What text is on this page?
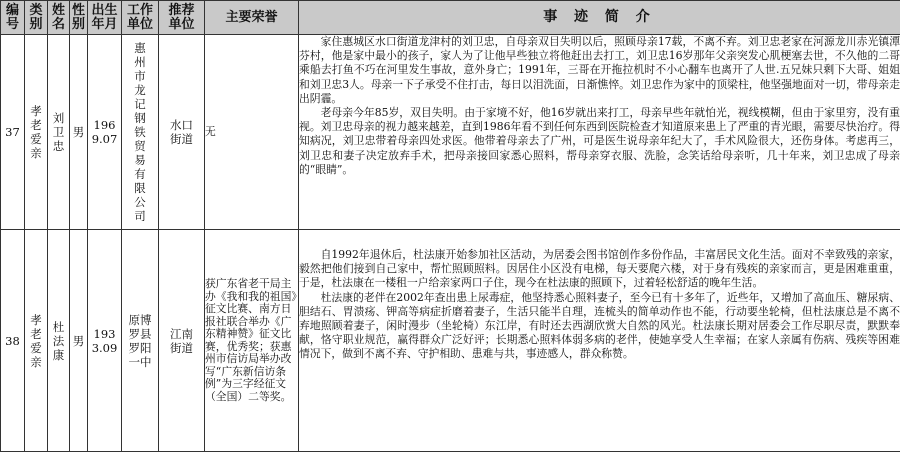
编号	类别	姓名	性别	出生年月	工作单位	推荐单位	主要荣誉	事 迹 简 介
37	孝老爱亲	刘卫忠	男	1969.07	惠州市龙记钢铁贸易有限公司	水口街道	无	家住惠城区水口街道龙津村的刘卫忠，自母亲双目失明以后，照顾母亲17载，不离不弃。刘卫忠老家在河源龙川赤光镇潭芬村，他是家中最小的孩子，家人为了让他早些独立将他赶出去打工，刘卫忠16岁那年父亲突发心肌梗塞去世，不久他的二哥乘船去打鱼不巧在河里发生事故，意外身亡；1991年，三哥在开拖拉机时不小心翻车也离开了人世.五兄妹只剩下大哥、姐姐和刘卫忠3人。母亲一下子承受不住打击，每日以泪洗面，日渐憔悴。刘卫忠作为家中的顶梁柱，他坚强地面对一切，带母亲走出阴霾。

老母亲今年85岁，双目失明。由于家境不好，他16岁就出来打工，母亲早些年就怕光，视线模糊，但由于家里穷，没有重视。刘卫忠母亲的视力越来越差，直到1986年看不到任何东西到医院检查才知道原来患上了严重的青光眼，需要尽快治疗。得知病况，刘卫忠带着母亲四处求医。他带着母亲去了广州，可是医生说母亲年纪大了，手术风险很大，还伤身体。考虑再三，刘卫忠和妻子决定放弃手术，把母亲接回家悉心照料，帮母亲穿衣服、洗脸，念笑话给母亲听，几十年来，刘卫忠成了母亲的“眼睛”。

38	孝老爱亲	杜法康	男	1933.09	原博罗县罗阳一中	江南街道	获广东省老干局主办《我和我的祖国》征文比赛、南方日报社联合举办《广东精神赞》征文比赛，优秀奖；获惠州市信访局举办改写“广东新信访条例”为三字经征文（全国）二等奖。	自1992年退休后，杜法康开始参加社区活动，为居委会图书馆创作多份作品，丰富居民文化生活。面对不幸致残的亲家，毅然把他们接到自己家中，帮忙照顾照料。因居住小区没有电梯，每天要爬六楼，对于身有残疾的亲家而言，更是困难重重，于是，杜法康在一楼租一户给亲家两口子住，现今在杜法康的照顾下，过着轻松舒适的晚年生活。

杜法康的老伴在2002年查出患上尿毒症，他坚持悉心照料妻子，至今已有十多年了，近些年，又增加了高血压、糖尿病、胆结石、胃溃疡、钾高等病症折磨着妻子，生活只能半自理，连梳头的简单动作也不能，行动要坐轮椅，但杜法康总是不离不弃地照顾着妻子，闲时漫步（坐轮椅）东江岸，有时还去西湖欣赏大自然的风光。杜法康长期对居委会工作尽职尽责，默默奉献，恪守职业规范，赢得群众广泛好评；长期悉心照料体弱多病的老伴，使她享受人生幸福；在家人亲属有伤病、残疾等困难情况下，做到不离不弃、守护相助、患难与共，事迹感人，群众称赞。
